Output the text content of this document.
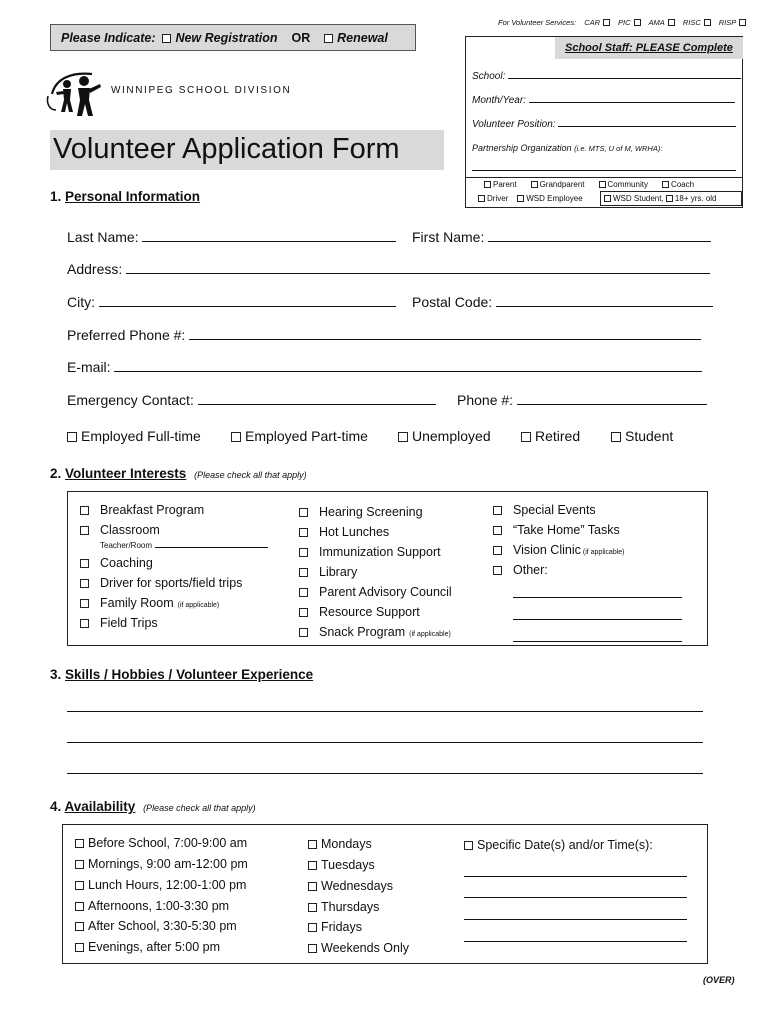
Please Indicate: New Registration OR Renewal
For Volunteer Services: CAR PIC AMA RISC RISP
WINNIPEG SCHOOL DIVISION
Volunteer Application Form
School Staff: PLEASE Complete
School:
Month/Year:
Volunteer Position:
Partnership Organization (i.e. MTS, U of M, WRHA):
Parent	Grandparent	Community	Coach
Driver WSD Employee	WSD Student, 18+ yrs. old
1. Personal Information
Last Name:	First Name:
Address:
City:	Postal Code:
Preferred Phone #:
E-mail:
Emergency Contact:	Phone #:
Employed Full-time	Employed Part-time	Unemployed	Retired	Student
2. Volunteer Interests (Please check all that apply)
Breakfast Program
Classroom
Coaching
Driver for sports/field trips
Family Room (if applicable)
Field Trips
Teacher/Room
Hearing Screening
Hot Lunches
Immunization Support
Library
Parent Advisory Council
Resource Support
Snack Program (if applicable)
Special Events
“Take Home” Tasks
Vision Clinic (if applicable)
Other:
3. Skills / Hobbies / Volunteer Experience
4. Availability (Please check all that apply)
Before School, 7:00-9:00 am
Mornings, 9:00 am-12:00 pm
Lunch Hours, 12:00-1:00 pm
Afternoons, 1:00-3:30 pm
After School, 3:30-5:30 pm
Evenings, after 5:00 pm
Mondays
Tuesdays
Wednesdays
Thursdays
Fridays
Weekends Only
Specific Date(s) and/or Time(s):
(OVER)
